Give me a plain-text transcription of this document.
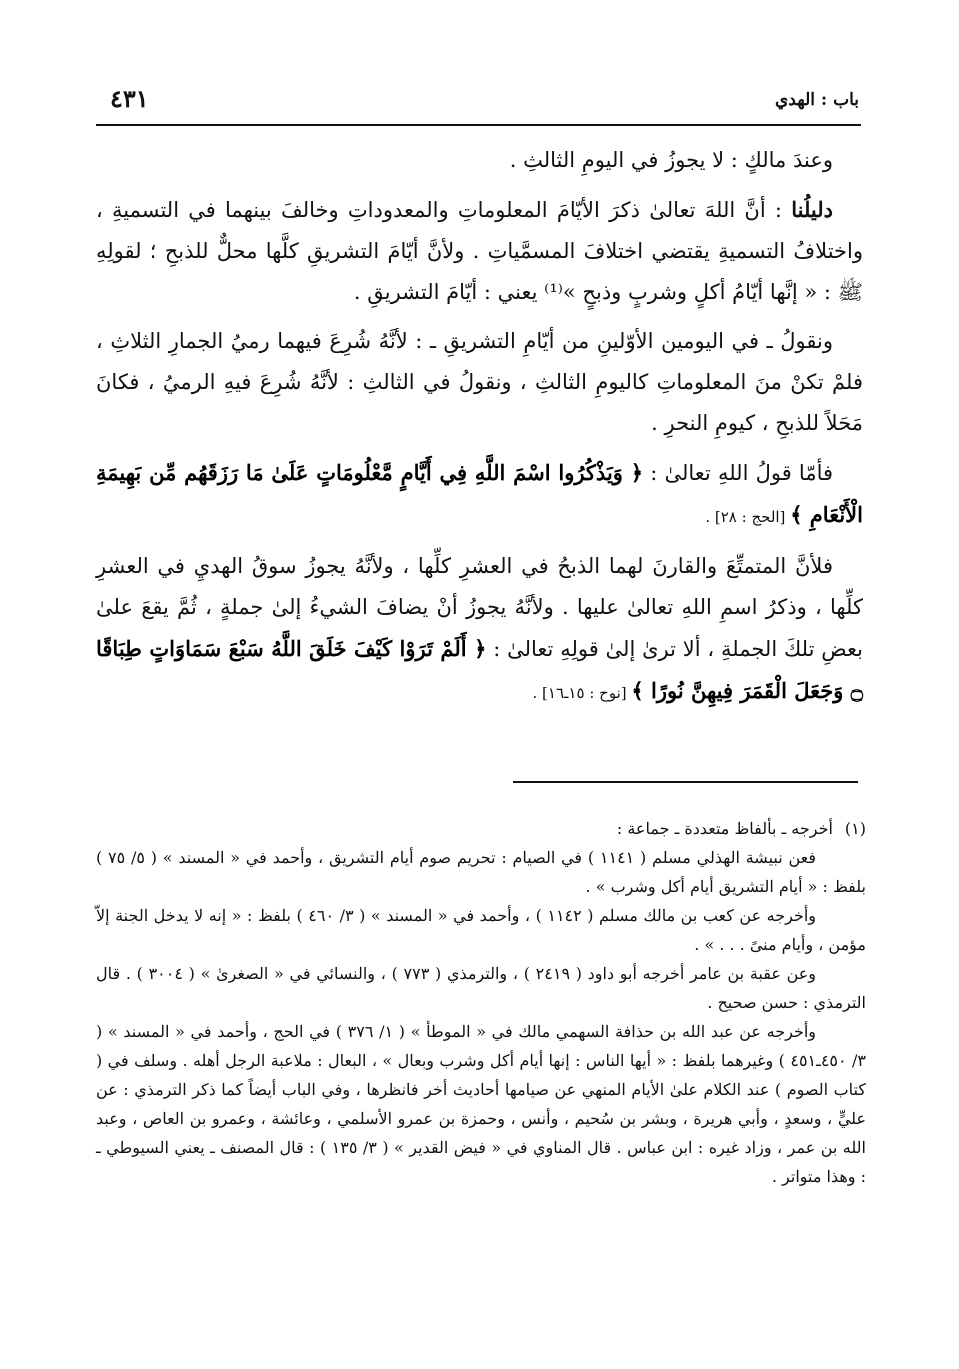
باب : الهدي
٤٣١

وعندَ مالكٍ : لا يجوزُ في اليومِ الثالثِ .

دليلُنا : أنَّ اللهَ تعالىٰ ذكرَ الأيّامَ المعلوماتِ والمعدوداتِ وخالفَ بينهما في التسميةِ ، واختلافُ التسميةِ يقتضي اختلافَ المسمَّياتِ . ولأنَّ أيّامَ التشريقِ كلَّها محلٌّ للذبحِ ؛ لقولِهِ ﷺ : « إنَّها أيّامُ أكلٍ وشربٍ وذبحٍ »⁽¹⁾ يعني : أيّامَ التشريقِ .

ونقولُ ـ في اليومين الأوّلينِ من أيّامِ التشريقِ ـ : لأنَّهُ شُرِعَ فيهما رميُ الجمارِ الثلاثِ ، فلمْ تكنْ منَ المعلوماتِ كاليومِ الثالثِ ، ونقولُ في الثالثِ : لأنَّهُ شُرِعَ فيهِ الرميُ ، فكانَ مَحَلاً للذبحِ ، كيومِ النحرِ .

فأمّا قولُ اللهِ تعالىٰ : ﴿ وَيَذْكُرُوا اسْمَ اللَّهِ فِي أَيَّامٍ مَّعْلُومَاتٍ عَلَىٰ مَا رَزَقَهُم مِّن بَهِيمَةِ الْأَنْعَامِ ﴾ [الحج : ٢٨] .

فلأنَّ المتمتِّعَ والقارنَ لهما الذبحُ في العشرِ كلِّها ، ولأنَّهُ يجوزُ سوقُ الهديِ في العشرِ كلِّها ، وذكرُ اسمِ اللهِ تعالىٰ عليها . ولأنَّهُ يجوزُ أنْ يضافَ الشيءُ إلىٰ جملةٍ ، ثُمَّ يقعَ علىٰ بعضِ تلكَ الجملةِ ، ألا ترىٰ إلىٰ قولِهِ تعالىٰ : ﴿ أَلَمْ تَرَوْا كَيْفَ خَلَقَ اللَّهُ سَبْعَ سَمَاوَاتٍ طِبَاقًا ۝ وَجَعَلَ الْقَمَرَ فِيهِنَّ نُورًا ﴾ [نوح : ١٥ـ١٦] .

(١)أخرجه ـ بألفاظ متعددة ـ جماعة :

فعن نبيشة الهذلي مسلم ( ١١٤١ ) في الصيام : تحريم صوم أيام التشريق ، وأحمد في « المسند » ( ٥/ ٧٥ ) بلفظ : « أيام التشريق أيام أكل وشرب » .

وأخرجه عن كعب بن مالك مسلم ( ١١٤٢ ) ، وأحمد في « المسند » ( ٣/ ٤٦٠ ) بلفظ : « إنه لا يدخل الجنة إلاّ مؤمن ، وأيام منىً . . . » .

وعن عقبة بن عامر أخرجه أبو داود ( ٢٤١٩ ) ، والترمذي ( ٧٧٣ ) ، والنسائي في « الصغرىٰ » ( ٣٠٠٤ ) . قال الترمذي : حسن صحيح .

وأخرجه عن عبد الله بن حذافة السهمي مالك في « الموطأ » ( ١/ ٣٧٦ ) في الحج ، وأحمد في « المسند » ( ٣/ ٤٥٠ـ٤٥١ ) وغيرهما بلفظ : « أيها الناس : إنها أيام أكل وشرب وبعال » ، البعال : ملاعبة الرجل أهله . وسلف في ( كتاب الصوم ) عند الكلام علىٰ الأيام المنهي عن صيامها أحاديث أخر فانظرها ، وفي الباب أيضاً كما ذكر الترمذي : عن عليٍّ ، وسعدٍ ، وأبي هريرة ، وبشر بن سُحيم ، وأنس ، وحمزة بن عمرو الأسلمي ، وعائشة ، وعمرو بن العاص ، وعبد الله بن عمر ، وزاد غيره : ابن عباس . قال المناوي في « فيض القدير » ( ٣/ ١٣٥ ) : قال المصنف ـ يعني السيوطي ـ : وهذا متواتر .
